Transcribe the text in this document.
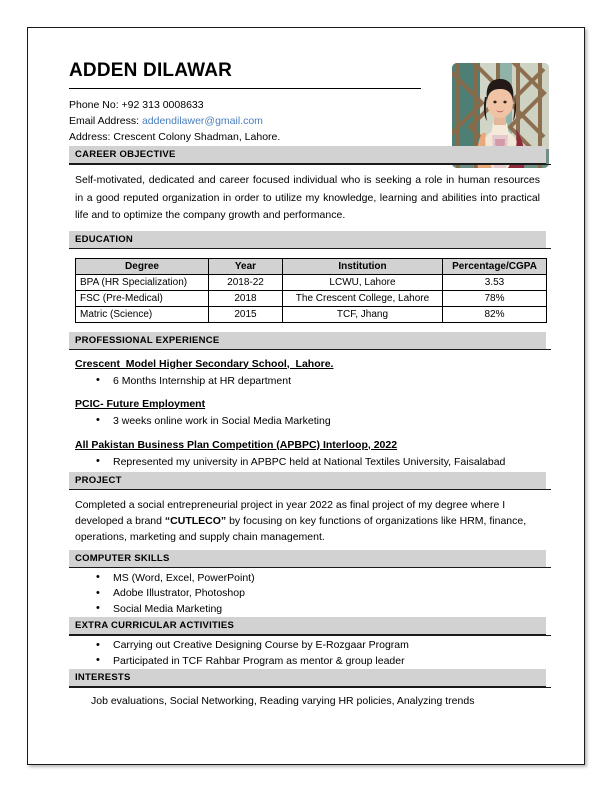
ADDEN DILAWAR
Phone No: +92 313 0008633
Email Address: addendilawer@gmail.com
Address: Crescent Colony Shadman, Lahore.
CAREER OBJECTIVE
Self-motivated, dedicated and career focused individual who is seeking a role in human resources in a good reputed organization in order to utilize my knowledge, learning and abilities into practical life and to optimize the company growth and performance.
EDUCATION
Degree	Year	Institution	Percentage/CGPA
BPA (HR Specialization)	2018-22	LCWU, Lahore	3.53
FSC (Pre-Medical)	2018	The Crescent College, Lahore	78%
Matric (Science)	2015	TCF, Jhang	82%
PROFESSIONAL EXPERIENCE
Crescent  Model Higher Secondary School,  Lahore.
• 6 Months Internship at HR department
PCIC- Future Employment
• 3 weeks online work in Social Media Marketing
All Pakistan Business Plan Competition (APBPC) Interloop, 2022
• Represented my university in APBPC held at National Textiles University, Faisalabad
PROJECT
Completed a social entrepreneurial project in year 2022 as final project of my degree where I developed a brand “CUTLECO” by focusing on key functions of organizations like HRM, finance, operations, marketing and supply chain management.
COMPUTER SKILLS
• MS (Word, Excel, PowerPoint)
• Adobe Illustrator, Photoshop
• Social Media Marketing
EXTRA CURRICULAR ACTIVITIES
• Carrying out Creative Designing Course by E-Rozgaar Program
• Participated in TCF Rahbar Program as mentor & group leader
INTERESTS
Job evaluations, Social Networking, Reading varying HR policies, Analyzing trends
